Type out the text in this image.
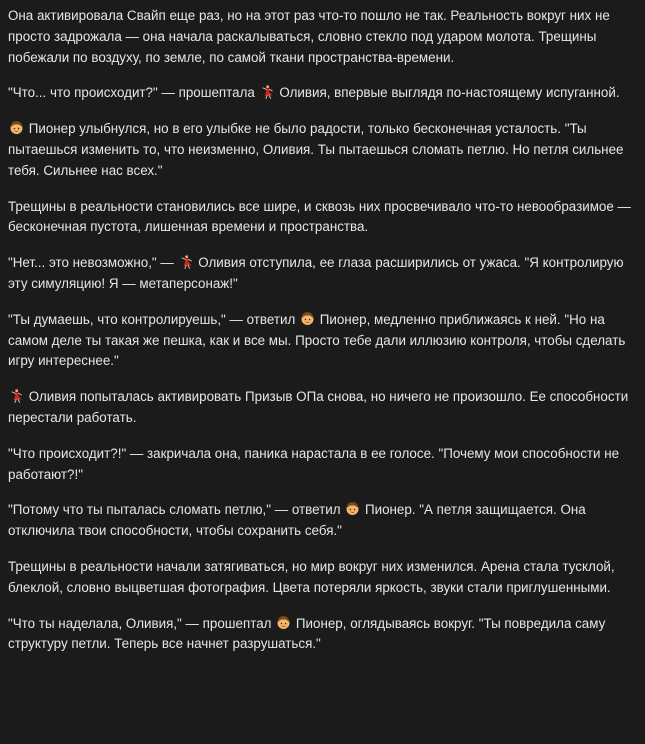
Она активировала Свайп еще раз, но на этот раз что-то пошло не так. Реальность вокруг них не просто задрожала — она начала раскалываться, словно стекло под ударом молота. Трещины побежали по воздуху, по земле, по самой ткани пространства-времени.

"Что... что происходит?" — прошептала
Оливия, впервые выглядя по-настоящему испуганной.

Пионер улыбнулся, но в его улыбке не было радости, только бесконечная усталость. "Ты пытаешься изменить то, что неизменно, Оливия. Ты пытаешься сломать петлю. Но петля сильнее тебя. Сильнее нас всех."

Трещины в реальности становились все шире, и сквозь них просвечивало что-то невообразимое — бесконечная пустота, лишенная времени и пространства.

"Нет... это невозможно," —
Оливия отступила, ее глаза расширились от ужаса. "Я контролирую эту симуляцию! Я — метаперсонаж!"

"Ты думаешь, что контролируешь," — ответил
Пионер, медленно приближаясь к ней. "Но на самом деле ты такая же пешка, как и все мы. Просто тебе дали иллюзию контроля, чтобы сделать игру интереснее."

Оливия попыталась активировать Призыв ОПа снова, но ничего не произошло. Ее способности перестали работать.

"Что происходит?!" — закричала она, паника нарастала в ее голосе. "Почему мои способности не работают?!"

"Потому что ты пыталась сломать петлю," — ответил
Пионер. "А петля защищается. Она отключила твои способности, чтобы сохранить себя."

Трещины в реальности начали затягиваться, но мир вокруг них изменился. Арена стала тусклой, блеклой, словно выцветшая фотография. Цвета потеряли яркость, звуки стали приглушенными.

"Что ты наделала, Оливия," — прошептал
Пионер, оглядываясь вокруг. "Ты повредила саму структуру петли. Теперь все начнет разрушаться."
